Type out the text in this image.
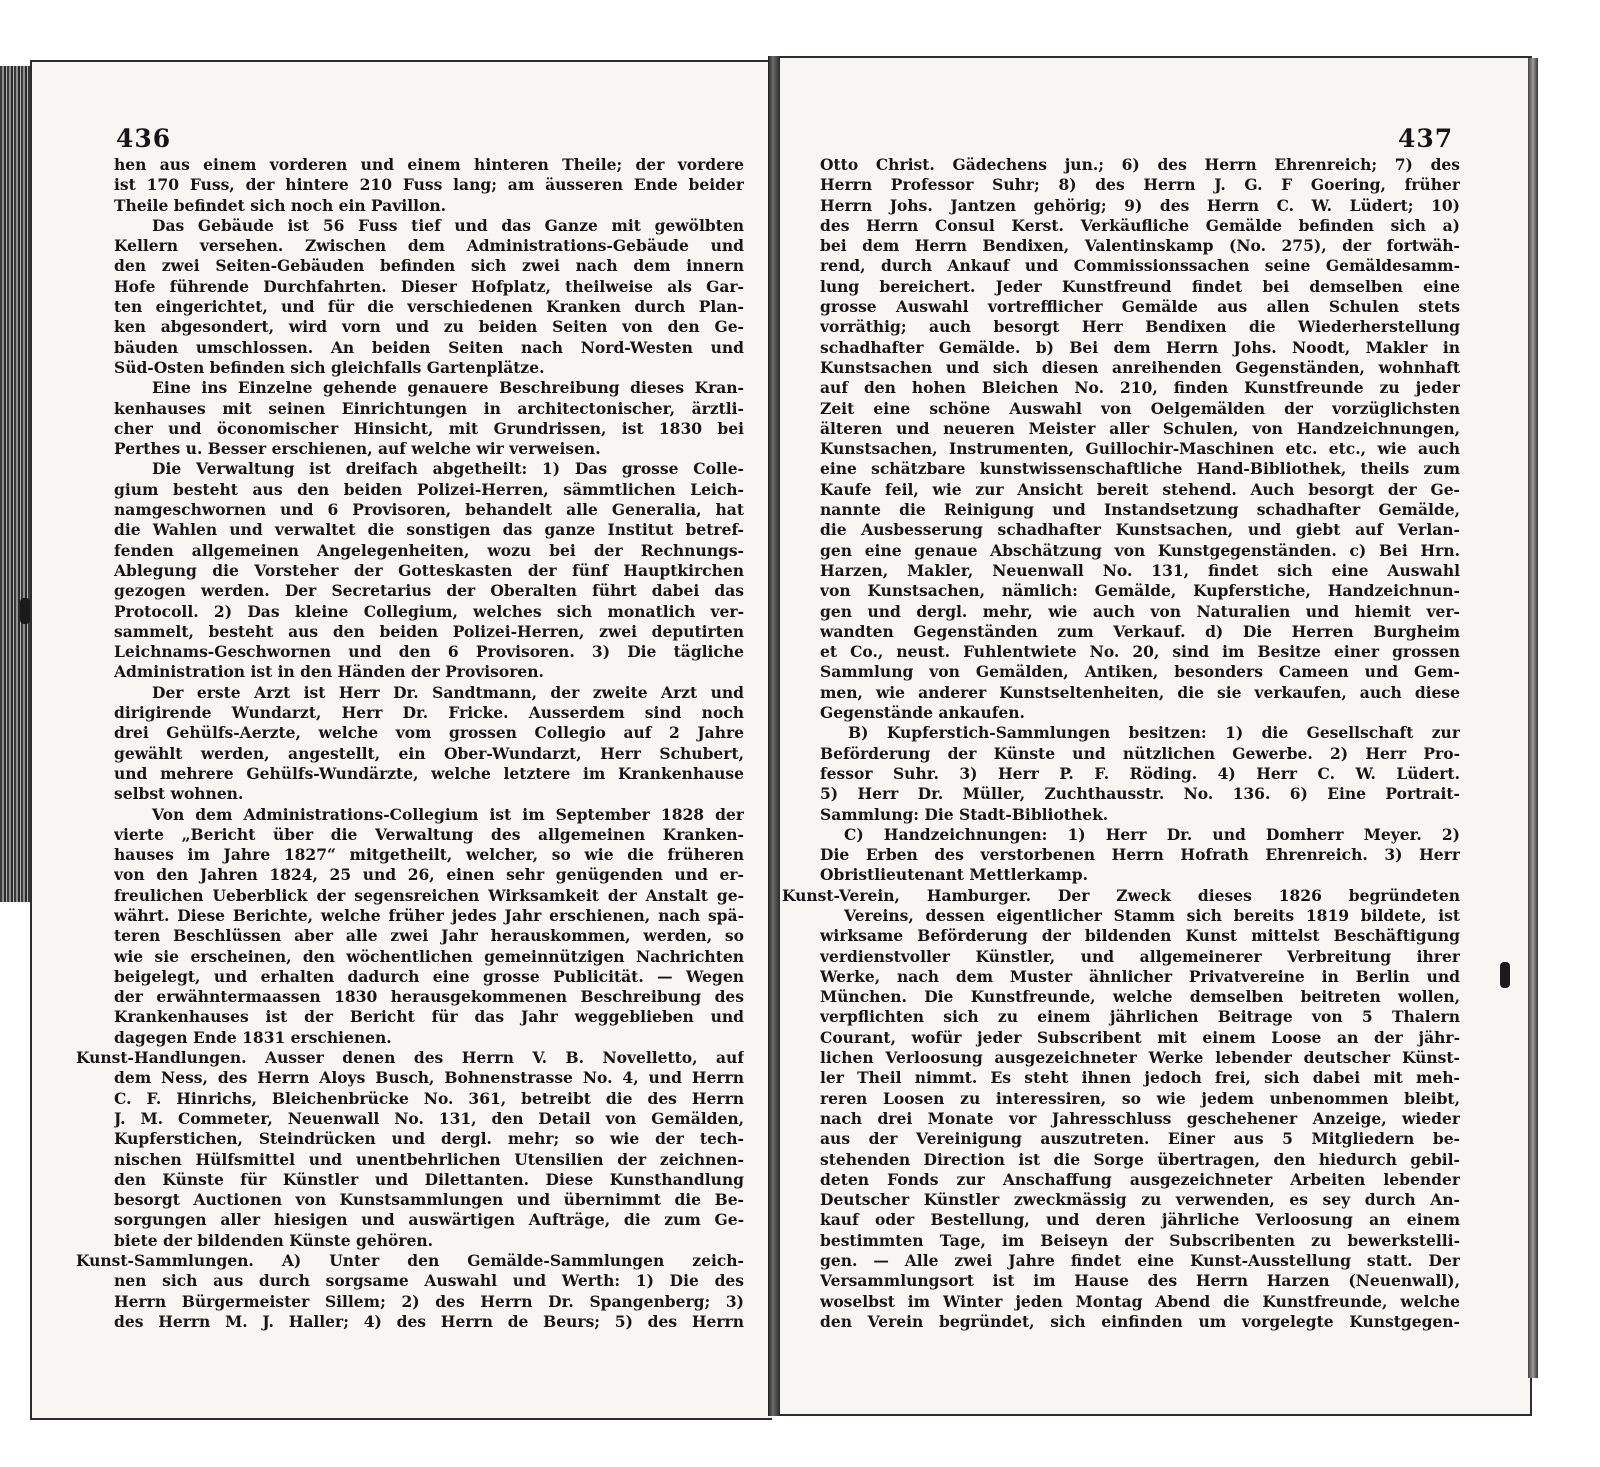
436	437
hen aus einem vorderen und einem hinteren Theile; der vordere
ist 170 Fuss, der hintere 210 Fuss lang; am äusseren Ende beider
Theile befindet sich noch ein Pavillon.
Das Gebäude ist 56 Fuss tief und das Ganze mit gewölbten
Kellern versehen. Zwischen dem Administrations-Gebäude und
den zwei Seiten-Gebäuden befinden sich zwei nach dem innern
Hofe führende Durchfahrten. Dieser Hofplatz, theilweise als Gar-
ten eingerichtet, und für die verschiedenen Kranken durch Plan-
ken abgesondert, wird vorn und zu beiden Seiten von den Ge-
bäuden umschlossen. An beiden Seiten nach Nord-Westen und
Süd-Osten befinden sich gleichfalls Gartenplätze.
Eine ins Einzelne gehende genauere Beschreibung dieses Kran-
kenhauses mit seinen Einrichtungen in architectonischer, ärztli-
cher und öconomischer Hinsicht, mit Grundrissen, ist 1830 bei
Perthes u. Besser erschienen, auf welche wir verweisen.
Die Verwaltung ist dreifach abgetheilt: 1) Das grosse Colle-
gium besteht aus den beiden Polizei-Herren, sämmtlichen Leich-
namgeschwornen und 6 Provisoren, behandelt alle Generalia, hat
die Wahlen und verwaltet die sonstigen das ganze Institut betref-
fenden allgemeinen Angelegenheiten, wozu bei der Rechnungs-
Ablegung die Vorsteher der Gotteskasten der fünf Hauptkirchen
gezogen werden. Der Secretarius der Oberalten führt dabei das
Protocoll. 2) Das kleine Collegium, welches sich monatlich ver-
sammelt, besteht aus den beiden Polizei-Herren, zwei deputirten
Leichnams-Geschwornen und den 6 Provisoren. 3) Die tägliche
Administration ist in den Händen der Provisoren.
Der erste Arzt ist Herr Dr. Sandtmann, der zweite Arzt und
dirigirende Wundarzt, Herr Dr. Fricke. Ausserdem sind noch
drei Gehülfs-Aerzte, welche vom grossen Collegio auf 2 Jahre
gewählt werden, angestellt, ein Ober-Wundarzt, Herr Schubert,
und mehrere Gehülfs-Wundärzte, welche letztere im Krankenhause
selbst wohnen.
Von dem Administrations-Collegium ist im September 1828 der
vierte „Bericht über die Verwaltung des allgemeinen Kranken-
hauses im Jahre 1827“ mitgetheilt, welcher, so wie die früheren
von den Jahren 1824, 25 und 26, einen sehr genügenden und er-
freulichen Ueberblick der segensreichen Wirksamkeit der Anstalt ge-
währt. Diese Berichte, welche früher jedes Jahr erschienen, nach spä-
teren Beschlüssen aber alle zwei Jahr herauskommen, werden, so
wie sie erscheinen, den wöchentlichen gemeinnützigen Nachrichten
beigelegt, und erhalten dadurch eine grosse Publicität. — Wegen
der erwähntermaassen 1830 herausgekommenen Beschreibung des
Krankenhauses ist der Bericht für das Jahr weggeblieben und
dagegen Ende 1831 erschienen.
Kunst-Handlungen. Ausser denen des Herrn V. B. Novelletto, auf
dem Ness, des Herrn Aloys Busch, Bohnenstrasse No. 4, und Herrn
C. F. Hinrichs, Bleichenbrücke No. 361, betreibt die des Herrn
J. M. Commeter, Neuenwall No. 131, den Detail von Gemälden,
Kupferstichen, Steindrücken und dergl. mehr; so wie der tech-
nischen Hülfsmittel und unentbehrlichen Utensilien der zeichnen-
den Künste für Künstler und Dilettanten. Diese Kunsthandlung
besorgt Auctionen von Kunstsammlungen und übernimmt die Be-
sorgungen aller hiesigen und auswärtigen Aufträge, die zum Ge-
biete der bildenden Künste gehören.
Kunst-Sammlungen. A) Unter den Gemälde-Sammlungen zeich-
nen sich aus durch sorgsame Auswahl und Werth: 1) Die des
Herrn Bürgermeister Sillem; 2) des Herrn Dr. Spangenberg; 3)
des Herrn M. J. Haller; 4) des Herrn de Beurs; 5) des Herrn
Otto Christ. Gädechens jun.; 6) des Herrn Ehrenreich; 7) des
Herrn Professor Suhr; 8) des Herrn J. G. F Goering, früher
Herrn Johs. Jantzen gehörig; 9) des Herrn C. W. Lüdert; 10)
des Herrn Consul Kerst. Verkäufliche Gemälde befinden sich a)
bei dem Herrn Bendixen, Valentinskamp (No. 275), der fortwäh-
rend, durch Ankauf und Commissionssachen seine Gemäldesamm-
lung bereichert. Jeder Kunstfreund findet bei demselben eine
grosse Auswahl vortrefflicher Gemälde aus allen Schulen stets
vorräthig; auch besorgt Herr Bendixen die Wiederherstellung
schadhafter Gemälde. b) Bei dem Herrn Johs. Noodt, Makler in
Kunstsachen und sich diesen anreihenden Gegenständen, wohnhaft
auf den hohen Bleichen No. 210, finden Kunstfreunde zu jeder
Zeit eine schöne Auswahl von Oelgemälden der vorzüglichsten
älteren und neueren Meister aller Schulen, von Handzeichnungen,
Kunstsachen, Instrumenten, Guillochir-Maschinen etc. etc., wie auch
eine schätzbare kunstwissenschaftliche Hand-Bibliothek, theils zum
Kaufe feil, wie zur Ansicht bereit stehend. Auch besorgt der Ge-
nannte die Reinigung und Instandsetzung schadhafter Gemälde,
die Ausbesserung schadhafter Kunstsachen, und giebt auf Verlan-
gen eine genaue Abschätzung von Kunstgegenständen. c) Bei Hrn.
Harzen, Makler, Neuenwall No. 131, findet sich eine Auswahl
von Kunstsachen, nämlich: Gemälde, Kupferstiche, Handzeichnun-
gen und dergl. mehr, wie auch von Naturalien und hiemit ver-
wandten Gegenständen zum Verkauf. d) Die Herren Burgheim
et Co., neust. Fuhlentwiete No. 20, sind im Besitze einer grossen
Sammlung von Gemälden, Antiken, besonders Cameen und Gem-
men, wie anderer Kunstseltenheiten, die sie verkaufen, auch diese
Gegenstände ankaufen.
B) Kupferstich-Sammlungen besitzen: 1) die Gesellschaft zur
Beförderung der Künste und nützlichen Gewerbe. 2) Herr Pro-
fessor Suhr. 3) Herr P. F. Röding. 4) Herr C. W. Lüdert.
5) Herr Dr. Müller, Zuchthausstr. No. 136. 6) Eine Portrait-
Sammlung: Die Stadt-Bibliothek.
C) Handzeichnungen: 1) Herr Dr. und Domherr Meyer. 2)
Die Erben des verstorbenen Herrn Hofrath Ehrenreich. 3) Herr
Obristlieutenant Mettlerkamp.
Kunst-Verein, Hamburger. Der Zweck dieses 1826 begründeten
Vereins, dessen eigentlicher Stamm sich bereits 1819 bildete, ist
wirksame Beförderung der bildenden Kunst mittelst Beschäftigung
verdienstvoller Künstler, und allgemeinerer Verbreitung ihrer
Werke, nach dem Muster ähnlicher Privatvereine in Berlin und
München. Die Kunstfreunde, welche demselben beitreten wollen,
verpflichten sich zu einem jährlichen Beitrage von 5 Thalern
Courant, wofür jeder Subscribent mit einem Loose an der jähr-
lichen Verloosung ausgezeichneter Werke lebender deutscher Künst-
ler Theil nimmt. Es steht ihnen jedoch frei, sich dabei mit meh-
reren Loosen zu interessiren, so wie jedem unbenommen bleibt,
nach drei Monate vor Jahresschluss geschehener Anzeige, wieder
aus der Vereinigung auszutreten. Einer aus 5 Mitgliedern be-
stehenden Direction ist die Sorge übertragen, den hiedurch gebil-
deten Fonds zur Anschaffung ausgezeichneter Arbeiten lebender
Deutscher Künstler zweckmässig zu verwenden, es sey durch An-
kauf oder Bestellung, und deren jährliche Verloosung an einem
bestimmten Tage, im Beiseyn der Subscribenten zu bewerkstelli-
gen. — Alle zwei Jahre findet eine Kunst-Ausstellung statt. Der
Versammlungsort ist im Hause des Herrn Harzen (Neuenwall),
woselbst im Winter jeden Montag Abend die Kunstfreunde, welche
den Verein begründet, sich einfinden um vorgelegte Kunstgegen-
